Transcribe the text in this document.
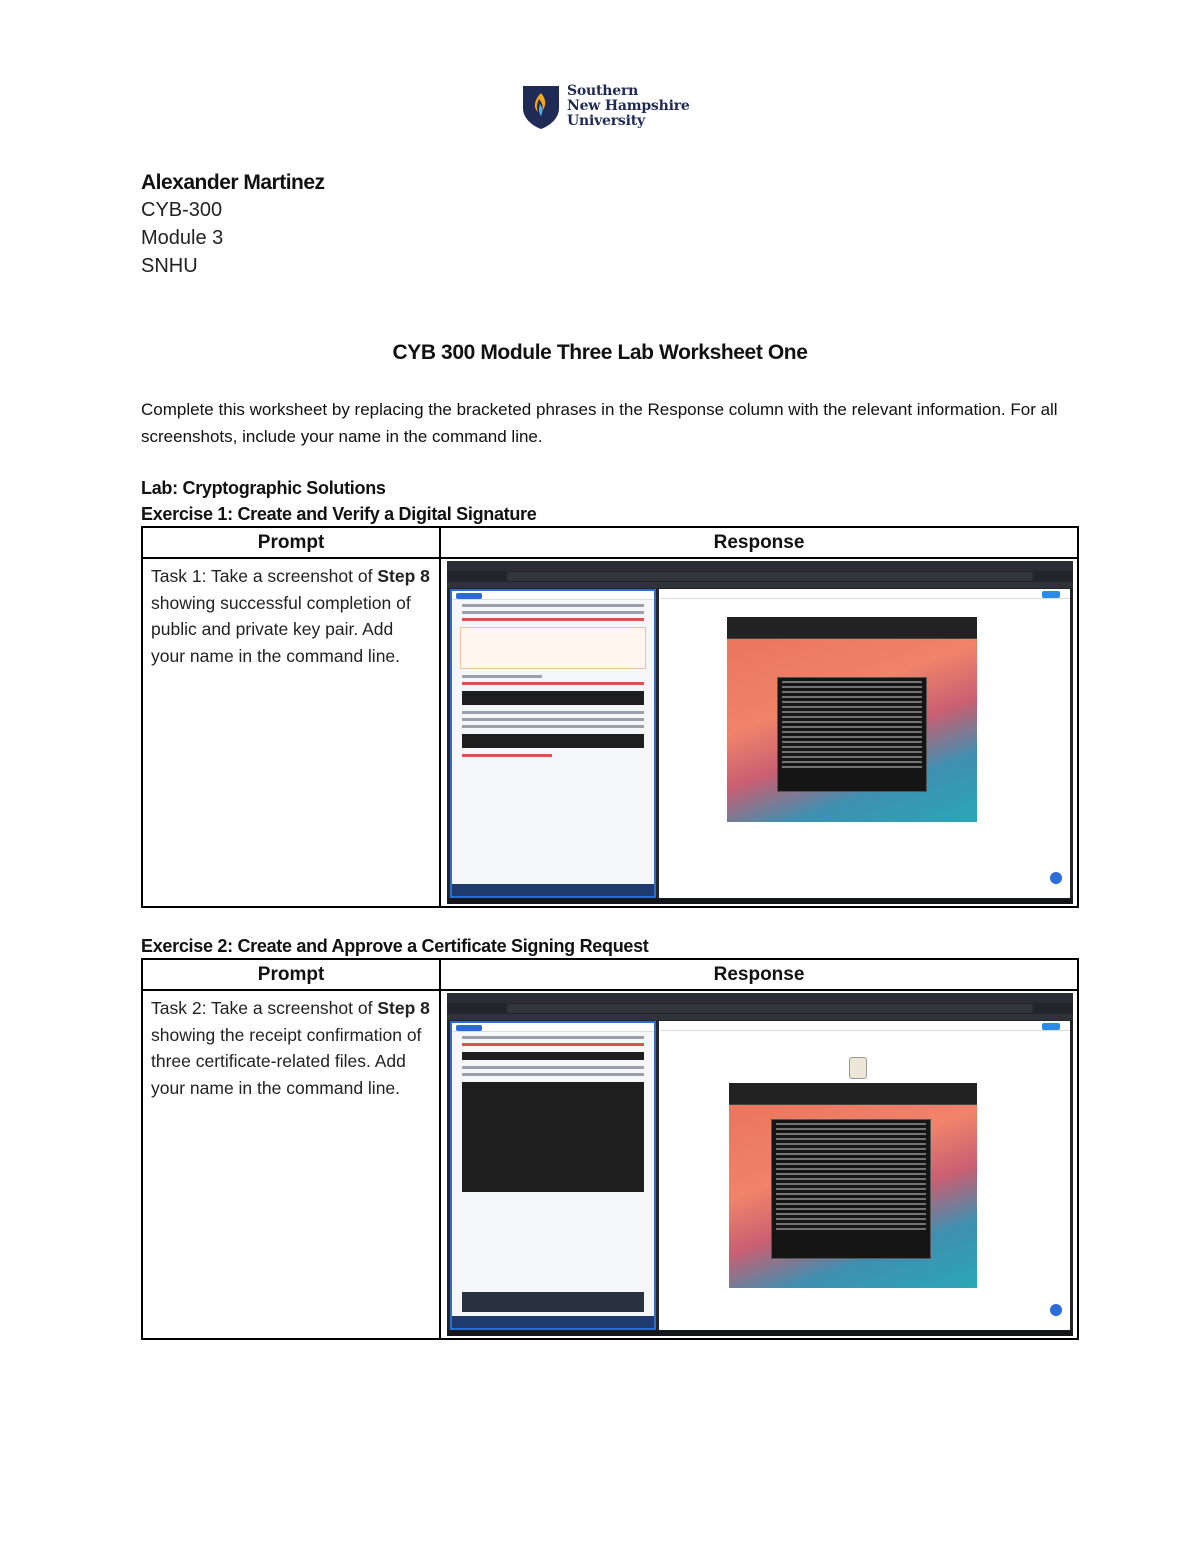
Southern
New Hampshire
University
Alexander Martinez
CYB-300
Module 3
SNHU
CYB 300 Module Three Lab Worksheet One
Complete this worksheet by replacing the bracketed phrases in the Response column with the relevant information. For all screenshots, include your name in the command line.
Lab: Cryptographic Solutions
Exercise 1: Create and Verify a Digital Signature
Prompt	Response
Task 1: Take a screenshot of Step 8 showing successful completion of public and private key pair. Add your name in the command line.	
Exercise 2: Create and Approve a Certificate Signing Request
Prompt	Response
Task 2: Take a screenshot of Step 8 showing the receipt confirmation of three certificate-related files. Add your name in the command line.	
